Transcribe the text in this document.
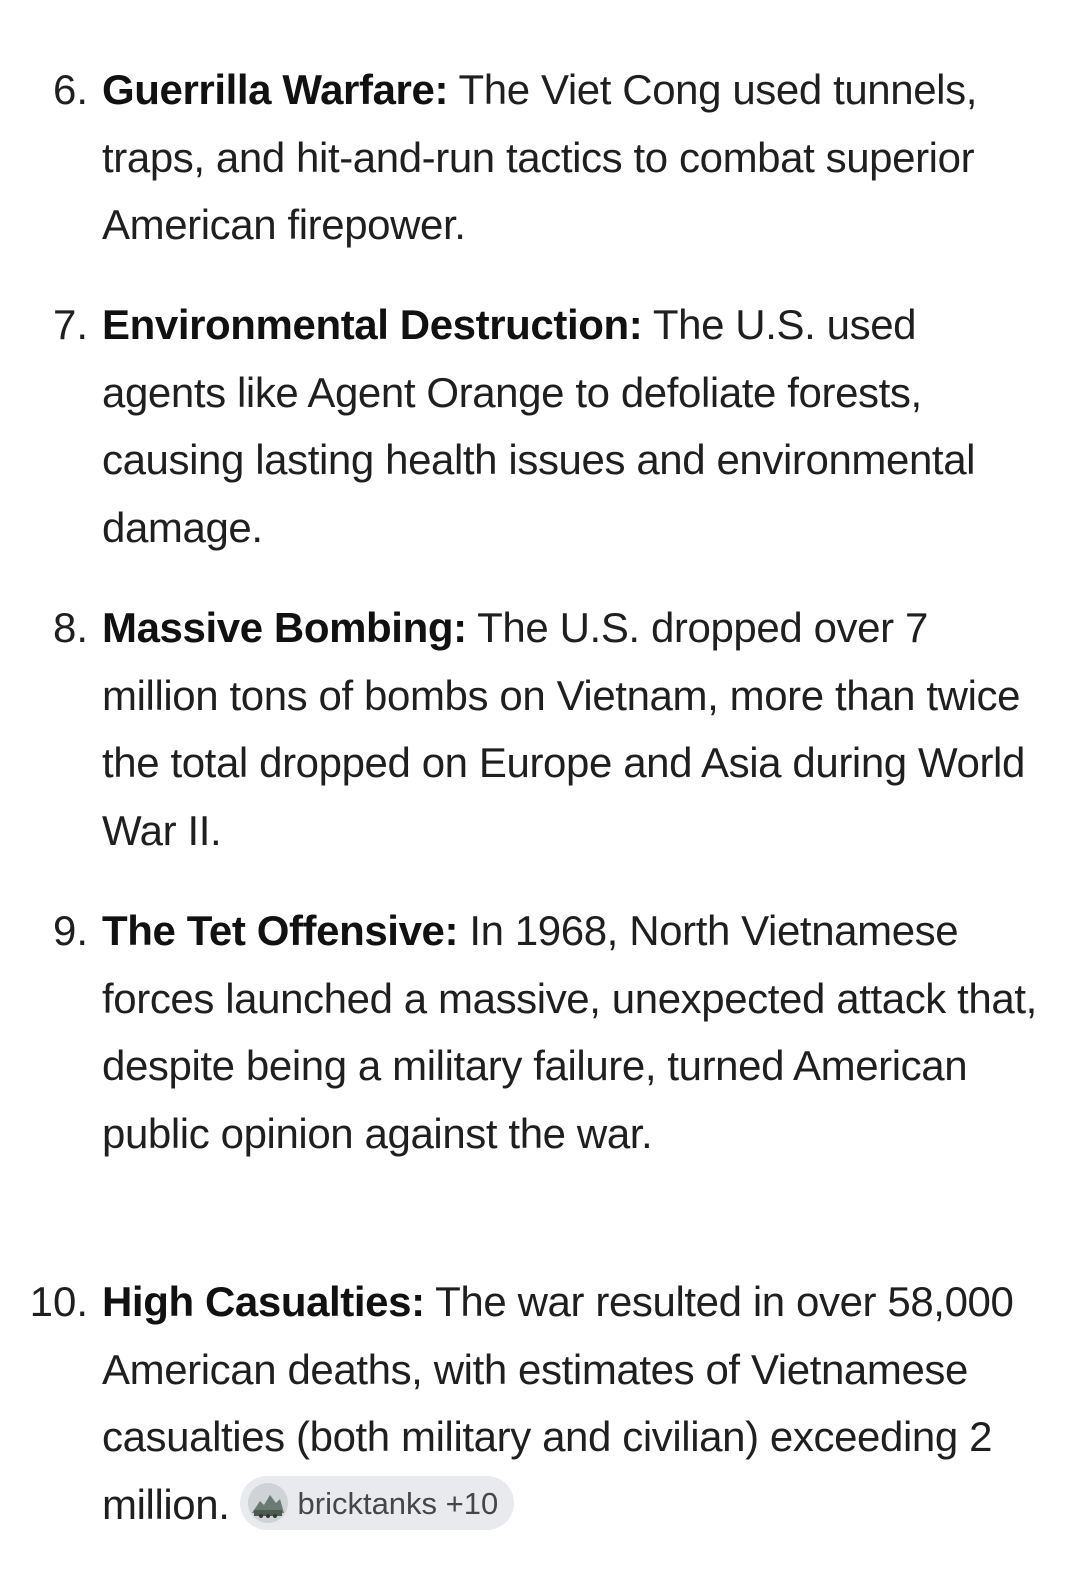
6. Guerrilla Warfare: The Viet Cong used tunnels, traps, and hit-and-run tactics to combat superior American firepower.
7. Environmental Destruction: The U.S. used agents like Agent Orange to defoliate forests, causing lasting health issues and environmental damage.
8. Massive Bombing: The U.S. dropped over 7 million tons of bombs on Vietnam, more than twice the total dropped on Europe and Asia during World War II.
9. The Tet Offensive: In 1968, North Vietnamese forces launched a massive, unexpected attack that, despite being a military failure, turned American public opinion against the war.
10. High Casualties: The war resulted in over 58,000 American deaths, with estimates of Vietnamese casualties (both military and civilian) exceeding 2 million. bricktanks +10
